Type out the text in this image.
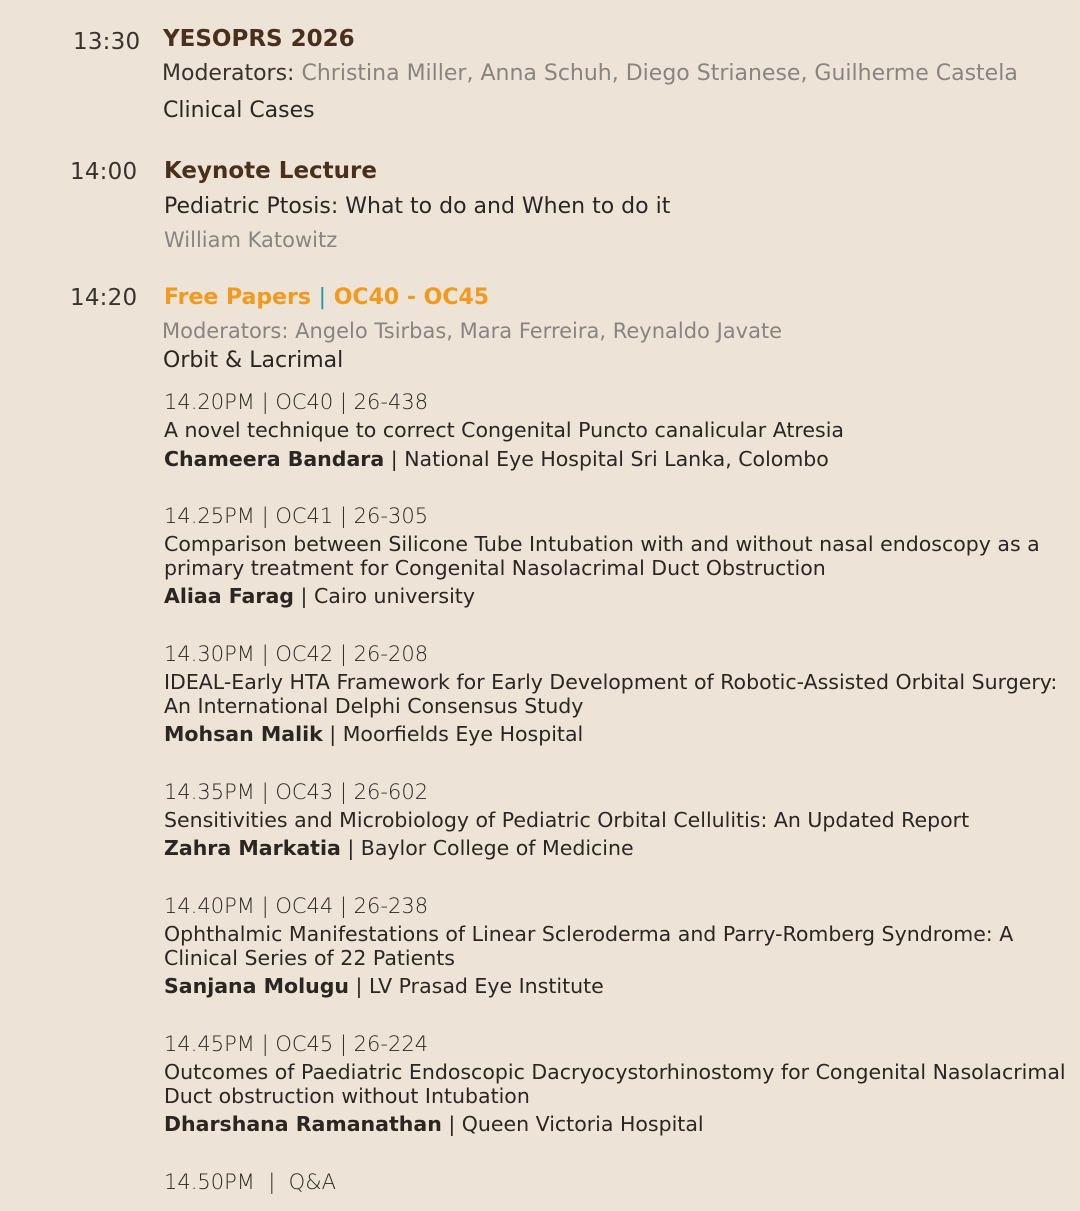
13:30 YESOPRS 2026
Moderators: Christina Miller, Anna Schuh, Diego Strianese, Guilherme Castela
Clinical Cases
14:00 Keynote Lecture
Pediatric Ptosis: What to do and When to do it
William Katowitz
14:20 Free Papers | OC40 - OC45
Moderators: Angelo Tsirbas, Mara Ferreira, Reynaldo Javate
Orbit & Lacrimal
14.20PM | OC40 | 26-438
A novel technique to correct Congenital Puncto canalicular Atresia
Chameera Bandara | National Eye Hospital Sri Lanka, Colombo
14.25PM | OC41 | 26-305
Comparison between Silicone Tube Intubation with and without nasal endoscopy as a primary treatment for Congenital Nasolacrimal Duct Obstruction
Aliaa Farag | Cairo university
14.30PM | OC42 | 26-208
IDEAL-Early HTA Framework for Early Development of Robotic-Assisted Orbital Surgery: An International Delphi Consensus Study
Mohsan Malik | Moorfields Eye Hospital
14.35PM | OC43 | 26-602
Sensitivities and Microbiology of Pediatric Orbital Cellulitis: An Updated Report
Zahra Markatia | Baylor College of Medicine
14.40PM | OC44 | 26-238
Ophthalmic Manifestations of Linear Scleroderma and Parry-Romberg Syndrome: A Clinical Series of 22 Patients
Sanjana Molugu | LV Prasad Eye Institute
14.45PM | OC45 | 26-224
Outcomes of Paediatric Endoscopic Dacryocystorhinostomy for Congenital Nasolacrimal Duct obstruction without Intubation
Dharshana Ramanathan | Queen Victoria Hospital
14.50PM  |  Q&A
